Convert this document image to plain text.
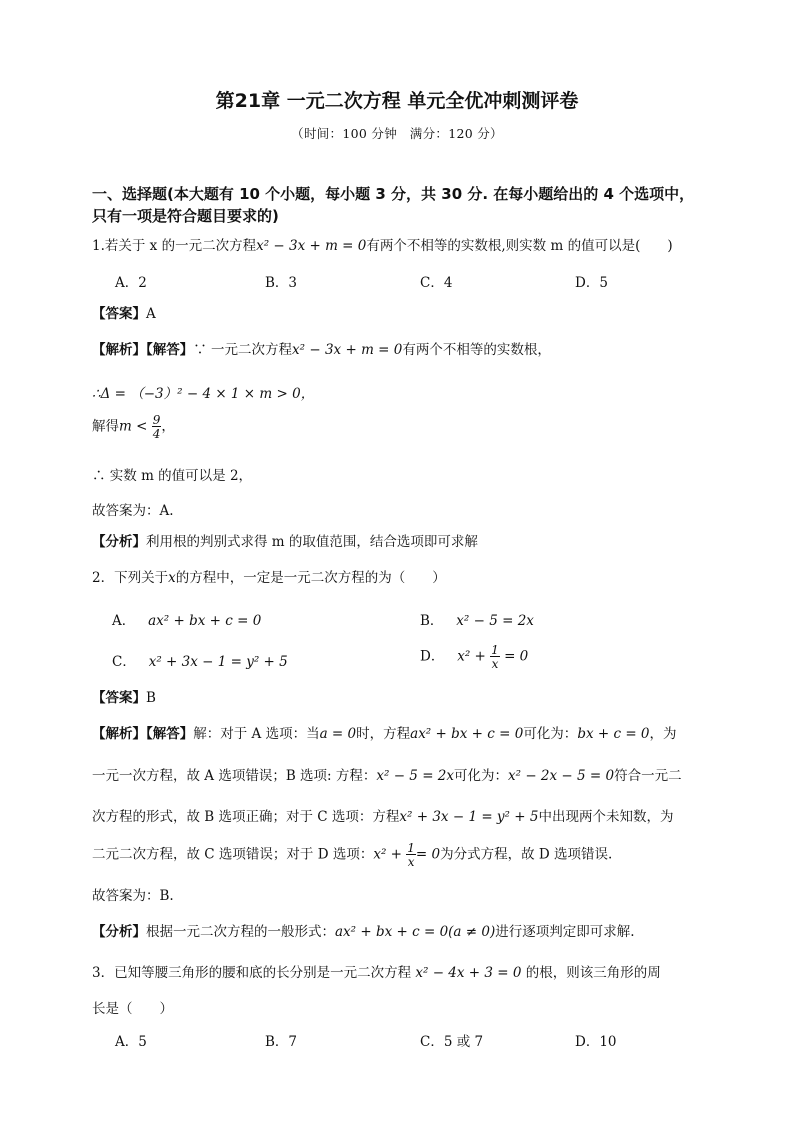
第21章 一元二次方程 单元全优冲刺测评卷
（时间：100 分钟　满分：120 分）
一、选择题(本大题有 10 个小题，每小题 3 分，共 30 分. 在每小题给出的 4 个选项中，
只有一项是符合题目要求的)
1.若关于 x 的一元二次方程x² − 3x + m = 0有两个不相等的实数根,则实数 m 的值可以是(　　)
A．2	B．3	C．4	D．5
【答案】A
【解析】【解答】∵ 一元二次方程x² − 3x + m = 0有两个不相等的实数根，
∴Δ = （−3）² − 4 × 1 × m > 0，
解得$m < \frac{9}{4}$ ，
∴ 实数 m 的值可以是 2，
故答案为：A.
【分析】利用根的判别式求得 m 的取值范围，结合选项即可求解
2．下列关于x的方程中，一定是一元二次方程的为（　　）
A． ax² + bx + c = 0	B． x² − 5 = 2x
C． x² + 3x − 1 = y² + 5	D． $x^2 + \frac{1}{x} = 0$
【答案】B
【解析】【解答】解：对于 A 选项：当a = 0时，方程ax² + bx + c = 0可化为：bx + c = 0，为
一元一次方程，故 A 选项错误；B 选项: 方程：x² − 5 = 2x可化为：x² − 2x − 5 = 0符合一元二
次方程的形式，故 B 选项正确；对于 C 选项：方程x² + 3x − 1 = y² + 5中出现两个未知数，为
二元二次方程，故 C 选项错误；对于 D 选项：$x^2 + \frac{1}{x} = 0$为分式方程，故 D 选项错误.
故答案为：B.
【分析】根据一元二次方程的一般形式：ax² + bx + c = 0(a ≠ 0)进行逐项判定即可求解.
3．已知等腰三角形的腰和底的长分别是一元二次方程 x² − 4x + 3 = 0 的根，则该三角形的周
长是（　　）
A．5	B．7	C．5 或 7	D．10
